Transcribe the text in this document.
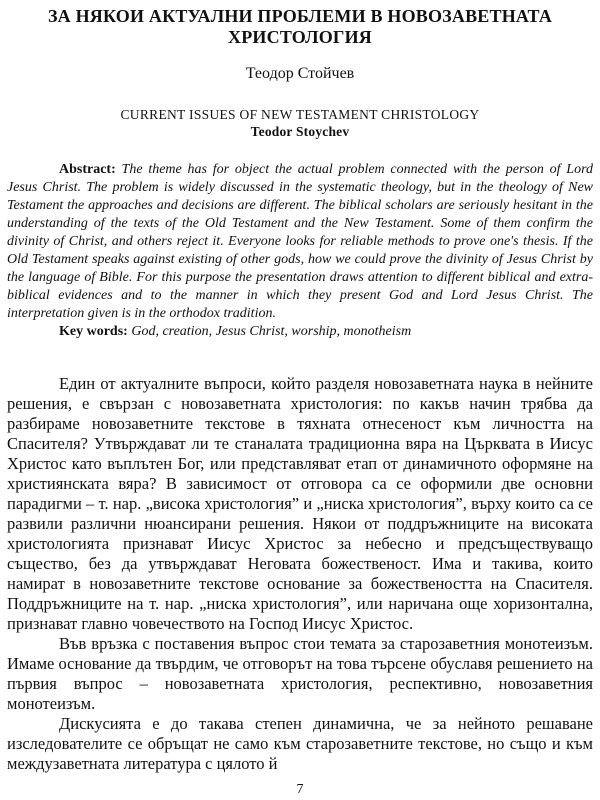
ЗА НЯКОИ АКТУАЛНИ ПРОБЛЕМИ В НОВОЗАВЕТНАТА ХРИСТОЛОГИЯ

Теодор Стойчев

CURRENT ISSUES OF NEW TESTAMENT CHRISTOLOGY

Teodor Stoychev

Abstract: The theme has for object the actual problem connected with the person of Lord Jesus Christ. The problem is widely discussed in the systematic theology, but in the theology of New Testament the approaches and decisions are different. The biblical scholars are seriously hesitant in the understanding of the texts of the Old Testament and the New Testament. Some of them confirm the divinity of Christ, and others reject it. Everyone looks for reliable methods to prove one's thesis. If the Old Testament speaks against existing of other gods, how we could prove the divinity of Jesus Christ by the language of Bible. For this purpose the presentation draws attention to different biblical and extra-biblical evidences and to the manner in which they present God and Lord Jesus Christ. The interpretation given is in the orthodox tradition.

Key words: God, creation, Jesus Christ, worship, monotheism

Един от актуалните въпроси, който разделя новозаветната наука в нейните решения, е свързан с новозаветната христология: по какъв начин трябва да разбираме новозаветните текстове в тяхната отнесеност към личността на Спасителя? Утвърждават ли те станалата традиционна вяра на Църквата в Иисус Христос като въплътен Бог, или представляват етап от динамичното оформяне на християнската вяра? В зависимост от отговора са се оформили две основни парадигми – т. нар. „висока христология” и „ниска христология”, върху които са се развили различни нюансирани решения. Някои от поддръжниците на високата христологията признават Иисус Христос за небесно и предсъществуващо същество, без да утвърждават Неговата божественост. Има и такива, които намират в новозаветните текстове основание за божествеността на Спасителя. Поддръжниците на т. нар. „ниска христология”, или наричана още хоризонтална, признават главно човечеството на Господ Иисус Христос.

Във връзка с поставения въпрос стои темата за старозаветния монотеизъм. Имаме основание да твърдим, че отговорът на това търсене обуславя решението на първия въпрос – новозаветната христология, респективно, новозаветния монотеизъм.

Дискусията е до такава степен динамична, че за нейното решаване изследователите се обръщат не само към старозаветните текстове, но също и към междузаветната литература с цялото й

7
